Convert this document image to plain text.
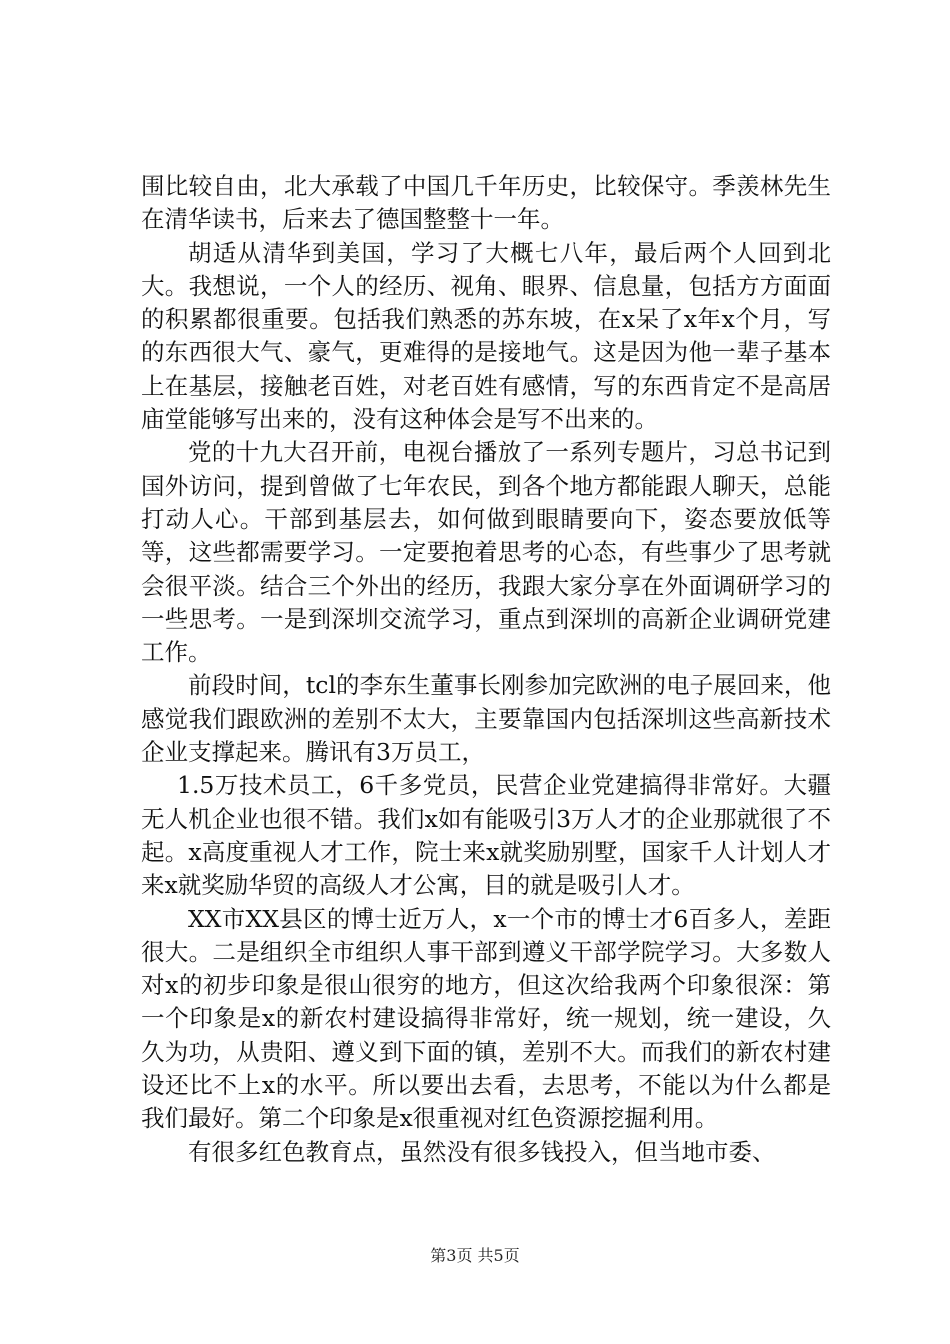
围比较自由，北大承载了中国几千年历史，比较保守。季羡林先生在清华读书，后来去了德国整整十一年。

胡适从清华到美国，学习了大概七八年，最后两个人回到北大。我想说，一个人的经历、视角、眼界、信息量，包括方方面面的积累都很重要。包括我们熟悉的苏东坡，在x呆了x年x个月，写的东西很大气、豪气，更难得的是接地气。这是因为他一辈子基本上在基层，接触老百姓，对老百姓有感情，写的东西肯定不是高居庙堂能够写出来的，没有这种体会是写不出来的。

党的十九大召开前，电视台播放了一系列专题片，习总书记到国外访问，提到曾做了七年农民，到各个地方都能跟人聊天，总能打动人心。干部到基层去，如何做到眼睛要向下，姿态要放低等等，这些都需要学习。一定要抱着思考的心态，有些事少了思考就会很平淡。结合三个外出的经历，我跟大家分享在外面调研学习的一些思考。一是到深圳交流学习，重点到深圳的高新企业调研党建工作。

前段时间，tcl的李东生董事长刚参加完欧洲的电子展回来，他感觉我们跟欧洲的差别不太大，主要靠国内包括深圳这些高新技术企业支撑起来。腾讯有3万员工，

1.5万技术员工，6千多党员，民营企业党建搞得非常好。大疆无人机企业也很不错。我们x如有能吸引3万人才的企业那就很了不起。x高度重视人才工作，院士来x就奖励别墅，国家千人计划人才来x就奖励华贸的高级人才公寓，目的就是吸引人才。

XX市XX县区的博士近万人，x一个市的博士才6百多人，差距很大。二是组织全市组织人事干部到遵义干部学院学习。大多数人对x的初步印象是很山很穷的地方，但这次给我两个印象很深：第一个印象是x的新农村建设搞得非常好，统一规划，统一建设，久久为功，从贵阳、遵义到下面的镇，差别不大。而我们的新农村建设还比不上x的水平。所以要出去看，去思考，不能以为什么都是我们最好。第二个印象是x很重视对红色资源挖掘利用。

有很多红色教育点，虽然没有很多钱投入，但当地市委、

第3页 共5页
